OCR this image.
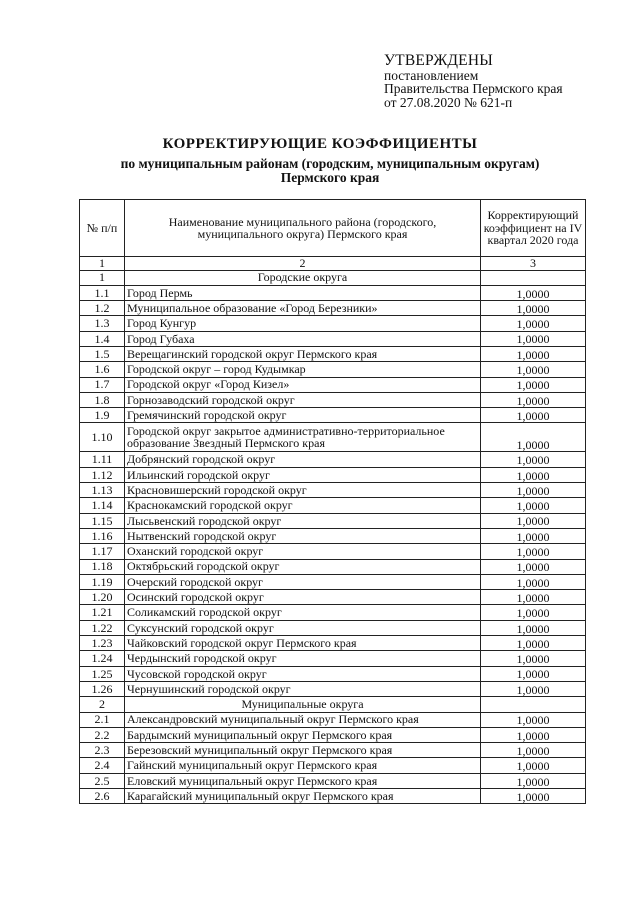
УТВЕРЖДЕНЫ
постановлением
Правительства Пермского края
от 27.08.2020 № 621-п
КОРРЕКТИРУЮЩИЕ КОЭФФИЦИЕНТЫ
по муниципальным районам (городским, муниципальным округам)
Пермского края
№ п/п	Наименование муниципального района (городского, муниципального округа) Пермского края	Корректирующий коэффициент на IV квартал 2020 года
1	2	3
1	Городские округа	
1.1	Город Пермь	1,0000
1.2	Муниципальное образование «Город Березники»	1,0000
1.3	Город Кунгур	1,0000
1.4	Город Губаха	1,0000
1.5	Верещагинский городской округ Пермского края	1,0000
1.6	Городской округ – город Кудымкар	1,0000
1.7	Городской округ «Город Кизел»	1,0000
1.8	Горнозаводский городской округ	1,0000
1.9	Гремячинский городской округ	1,0000
1.10	Городской округ закрытое административно-территориальное образование Звездный Пермского края	1,0000
1.11	Добрянский городской округ	1,0000
1.12	Ильинский городской округ	1,0000
1.13	Красновишерский городской округ	1,0000
1.14	Краснокамский городской округ	1,0000
1.15	Лысьвенский городской округ	1,0000
1.16	Нытвенский городской округ	1,0000
1.17	Оханский городской округ	1,0000
1.18	Октябрьский городской округ	1,0000
1.19	Очерский городской округ	1,0000
1.20	Осинский городской округ	1,0000
1.21	Соликамский городской округ	1,0000
1.22	Суксунский городской округ	1,0000
1.23	Чайковский городской округ Пермского края	1,0000
1.24	Чердынский городской округ	1,0000
1.25	Чусовской городской округ	1,0000
1.26	Чернушинский городской округ	1,0000
2	Муниципальные округа	
2.1	Александровский муниципальный округ Пермского края	1,0000
2.2	Бардымский муниципальный округ Пермского края	1,0000
2.3	Березовский муниципальный округ Пермского края	1,0000
2.4	Гайнский муниципальный округ Пермского края	1,0000
2.5	Еловский муниципальный округ Пермского края	1,0000
2.6	Карагайский муниципальный округ Пермского края	1,0000
